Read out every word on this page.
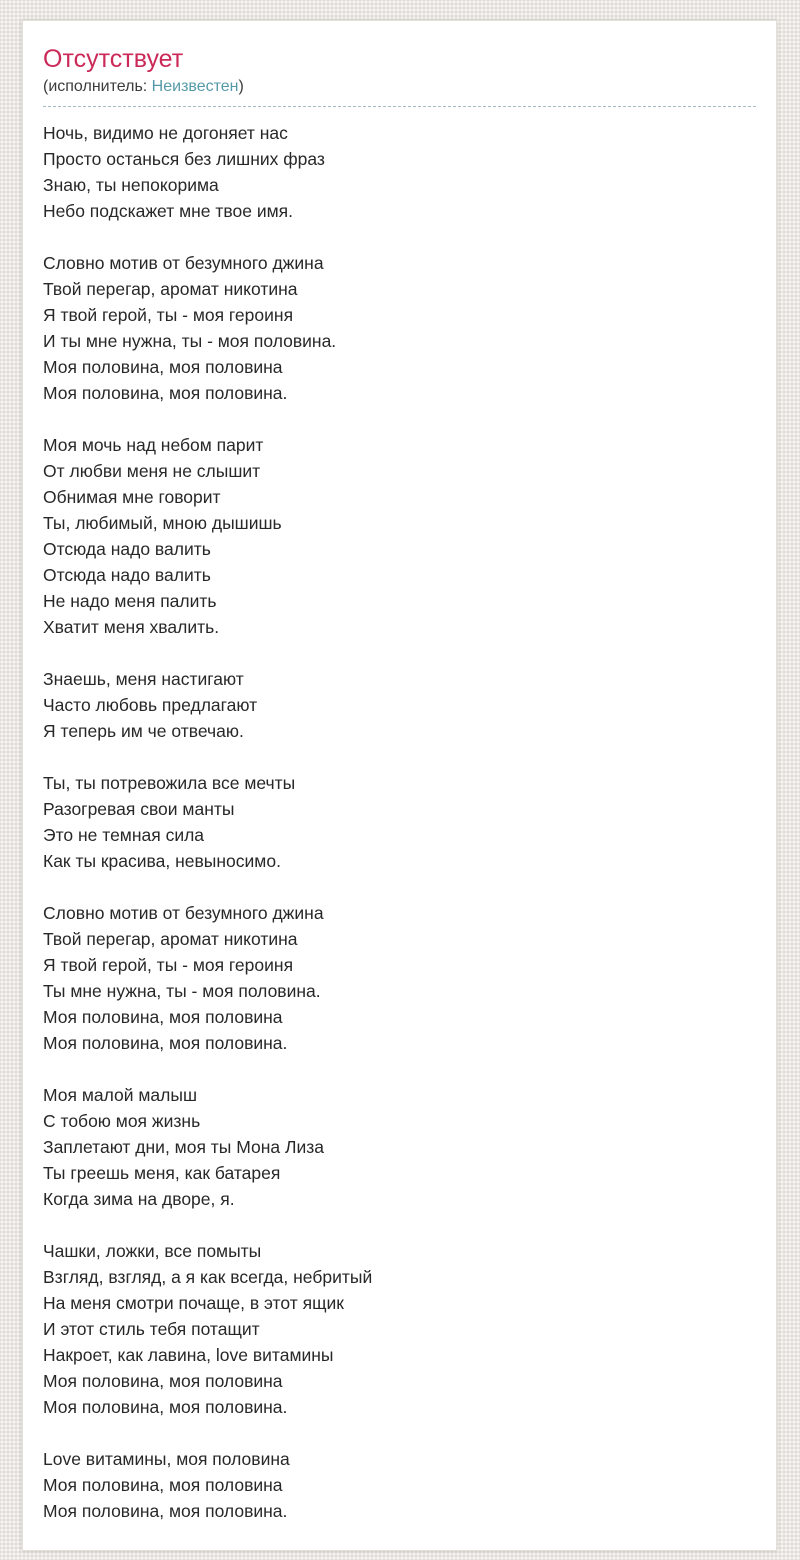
Отсутствует
(исполнитель: Неизвестен)
Ночь, видимо не догоняет нас
Просто останься без лишних фраз
Знаю, ты непокорима
Небо подскажет мне твое имя.
Словно мотив от безумного джина
Твой перегар, аромат никотина
Я твой герой, ты - моя героиня
И ты мне нужна, ты - моя половина.
Моя половина, моя половина
Моя половина, моя половина.
Моя мочь над небом парит
От любви меня не слышит
Обнимая мне говорит
Ты, любимый, мною дышишь
Отсюда надо валить
Отсюда надо валить
Не надо меня палить
Хватит меня хвалить.
Знаешь, меня настигают
Часто любовь предлагают
Я теперь им че отвечаю.
Ты, ты потревожила все мечты
Разогревая свои манты
Это не темная сила
Как ты красива, невыносимо.
Словно мотив от безумного джина
Твой перегар, аромат никотина
Я твой герой, ты - моя героиня
Ты мне нужна, ты - моя половина.
Моя половина, моя половина
Моя половина, моя половина.
Моя малой малыш
С тобою моя жизнь
Заплетают дни, моя ты Мона Лиза
Ты греешь меня, как батарея
Когда зима на дворе, я.
Чашки, ложки, все помыты
Взгляд, взгляд, а я как всегда, небритый
На меня смотри почаще, в этот ящик
И этот стиль тебя потащит
Накроет, как лавина, love витамины
Моя половина, моя половина
Моя половина, моя половина.
Love витамины, моя половина
Моя половина, моя половина
Моя половина, моя половина.
